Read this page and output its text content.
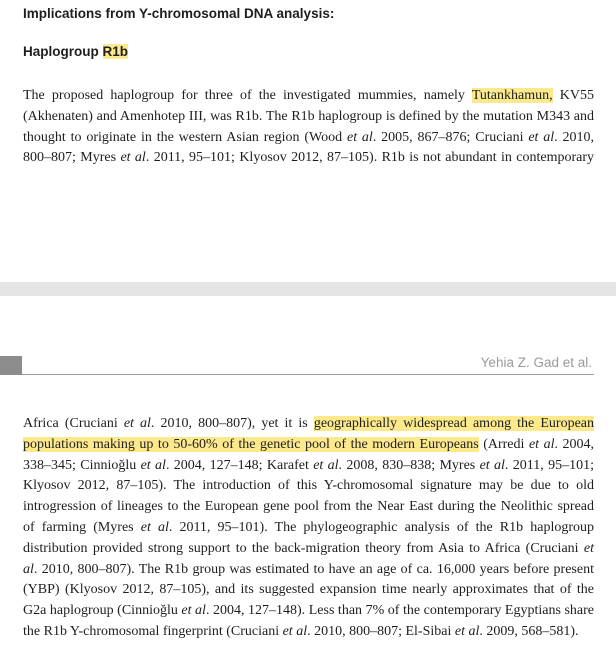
Implications from Y-chromosomal DNA analysis:
Haplogroup R1b
The proposed haplogroup for three of the investigated mummies, namely Tutankhamun, KV55
(Akhenaten) and Amenhotep III, was R1b. The R1b haplogroup is defined by the mutation M343 and
thought to originate in the western Asian region (Wood et al. 2005, 867–876; Cruciani et al. 2010,
800–807; Myres et al. 2011, 95–101; Klyosov 2012, 87–105). R1b is not abundant in contemporary
Yehia Z. Gad et al.
Africa (Cruciani et al. 2010, 800–807), yet it is geographically widespread among the European
populations making up to 50-60% of the genetic pool of the modern Europeans (Arredi et al. 2004,
338–345; Cinnioğlu et al. 2004, 127–148; Karafet et al. 2008, 830–838; Myres et al. 2011, 95–101;
Klyosov 2012, 87–105). The introduction of this Y-chromosomal signature may be due to old
introgression of lineages to the European gene pool from the Near East during the Neolithic spread
of farming (Myres et al. 2011, 95–101). The phylogeographic analysis of the R1b haplogroup
distribution provided strong support to the back-migration theory from Asia to Africa (Cruciani et
al. 2010, 800–807). The R1b group was estimated to have an age of ca. 16,000 years before present
(YBP) (Klyosov 2012, 87–105), and its suggested expansion time nearly approximates that of the
G2a haplogroup (Cinnioğlu et al. 2004, 127–148). Less than 7% of the contemporary Egyptians share
the R1b Y-chromosomal fingerprint (Cruciani et al. 2010, 800–807; El-Sibai et al. 2009, 568–581).
